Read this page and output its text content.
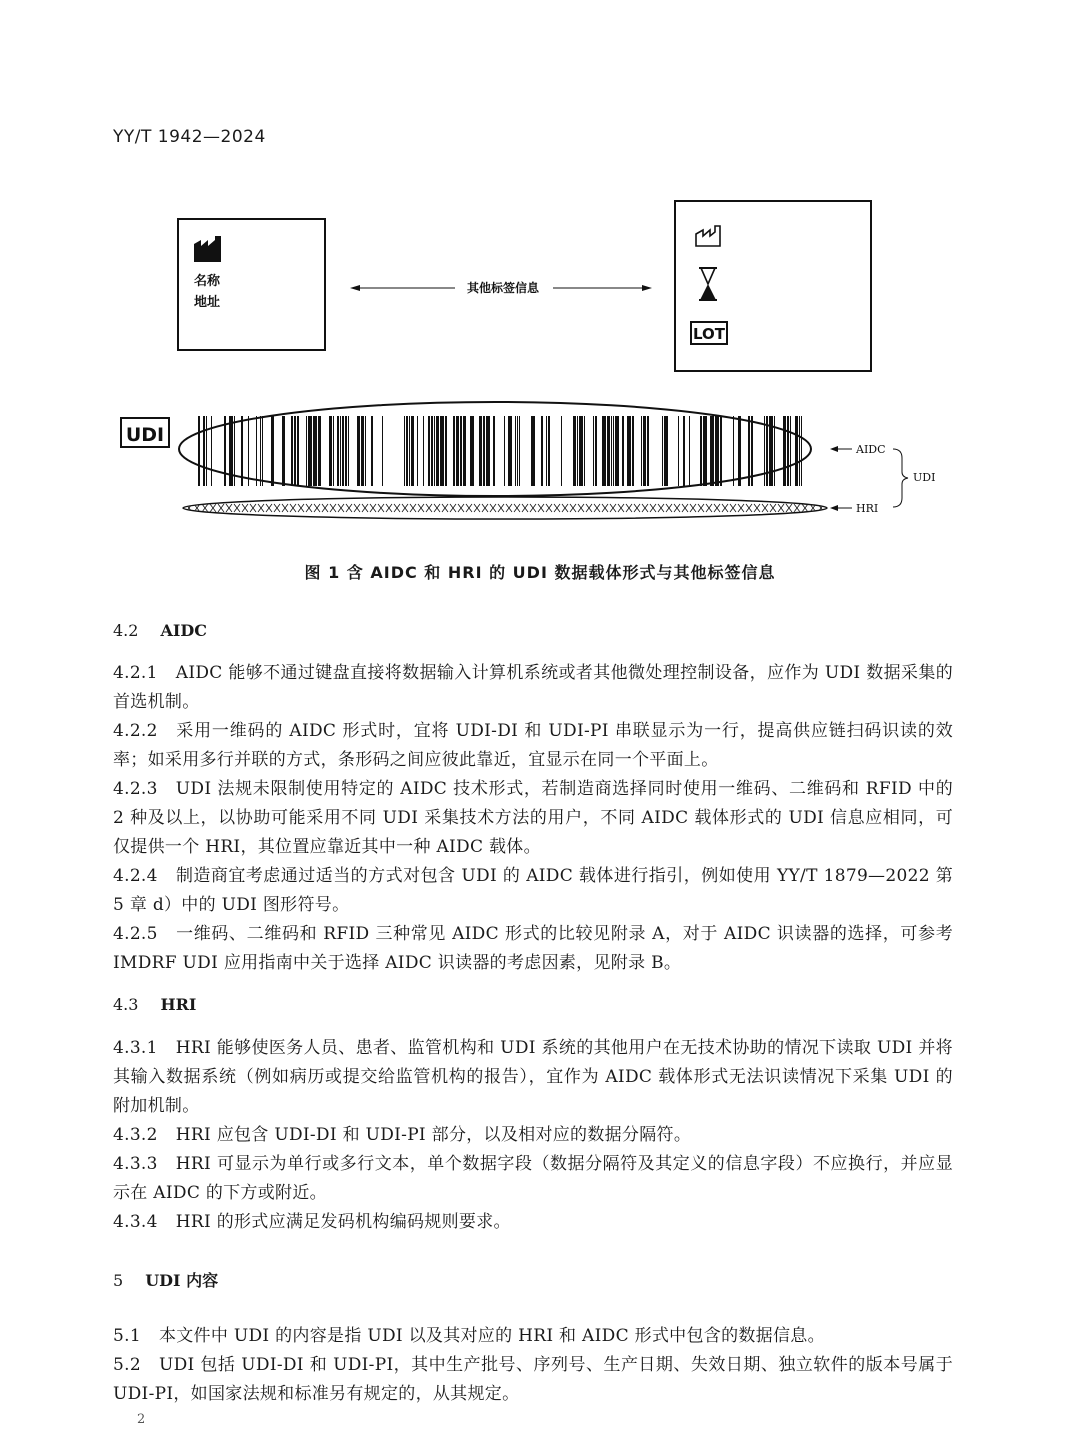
YY/T 1942—2024
名称
地址
其他标签信息
LOT
UDI
AIDC
HRI
UDI
图 1 含 AIDC 和 HRI 的 UDI 数据载体形式与其他标签信息
4.2 AIDC
4.2.1 AIDC 能够不通过键盘直接将数据输入计算机系统或者其他微处理控制设备，应作为 UDI 数据采集的首选机制。
4.2.2 采用一维码的 AIDC 形式时，宜将 UDI-DI 和 UDI-PI 串联显示为一行，提高供应链扫码识读的效率；如采用多行并联的方式，条形码之间应彼此靠近，宜显示在同一个平面上。
4.2.3 UDI 法规未限制使用特定的 AIDC 技术形式，若制造商选择同时使用一维码、二维码和 RFID 中的 2 种及以上，以协助可能采用不同 UDI 采集技术方法的用户，不同 AIDC 载体形式的 UDI 信息应相同，可仅提供一个 HRI，其位置应靠近其中一种 AIDC 载体。
4.2.4 制造商宜考虑通过适当的方式对包含 UDI 的 AIDC 载体进行指引，例如使用 YY/T 1879—2022 第 5 章 d）中的 UDI 图形符号。
4.2.5 一维码、二维码和 RFID 三种常见 AIDC 形式的比较见附录 A，对于 AIDC 识读器的选择，可参考 IMDRF UDI 应用指南中关于选择 AIDC 识读器的考虑因素，见附录 B。
4.3 HRI
4.3.1 HRI 能够使医务人员、患者、监管机构和 UDI 系统的其他用户在无技术协助的情况下读取 UDI 并将其输入数据系统（例如病历或提交给监管机构的报告），宜作为 AIDC 载体形式无法识读情况下采集 UDI 的附加机制。
4.3.2 HRI 应包含 UDI-DI 和 UDI-PI 部分，以及相对应的数据分隔符。
4.3.3 HRI 可显示为单行或多行文本，单个数据字段（数据分隔符及其定义的信息字段）不应换行，并应显示在 AIDC 的下方或附近。
4.3.4 HRI 的形式应满足发码机构编码规则要求。
5 UDI 内容
5.1 本文件中 UDI 的内容是指 UDI 以及其对应的 HRI 和 AIDC 形式中包含的数据信息。
5.2 UDI 包括 UDI-DI 和 UDI-PI，其中生产批号、序列号、生产日期、失效日期、独立软件的版本号属于 UDI-PI，如国家法规和标准另有规定的，从其规定。
2
